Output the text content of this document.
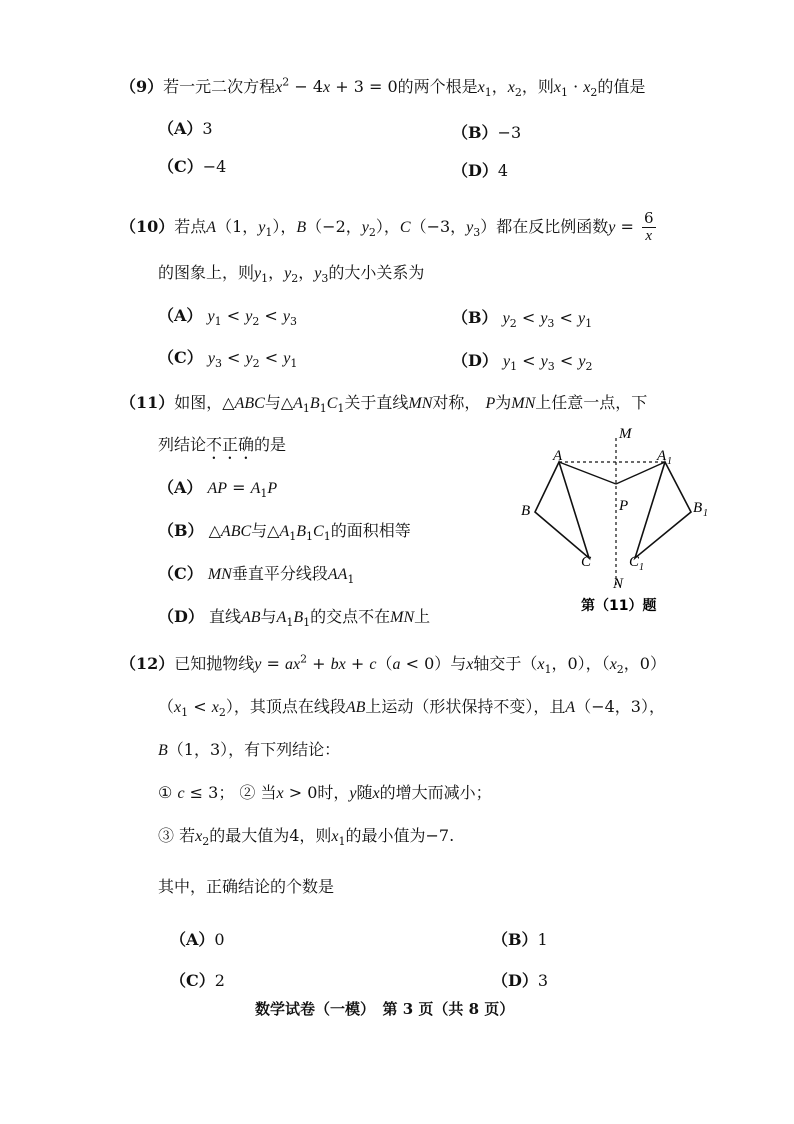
（9）若一元二次方程$x^2 - 4x + 3 = 0$的两个根是$x_1$，$x_2$，则$x_1 \cdot x_2$的值是
（A）3	（B）−3
（C）−4	（D）4
（10）若点A（1，$y_1$），B（−2，$y_2$），C（−3，$y_3$）都在反比例函数$y = \frac{6}{x}$
的图象上，则$y_1$，$y_2$，$y_3$的大小关系为
（A） $y_1 < y_2 < y_3$	（B） $y_2 < y_3 < y_1$
（C） $y_3 < y_2 < y_1$	（D） $y_1 < y_3 < y_2$
（11）如图，△ABC与$\triangle A_1B_1C_1$关于直线MN对称， P为MN上任意一点，下
列结论不正确的是
（A） AP = $A_1P$
（B） △ABC与$\triangle A_1B_1C_1$的面积相等
（C） MN垂直平分线段$AA_1$
（D） 直线AB与$A_1B_1$的交点不在MN上
M
A	A 1
B	B 1
P
C	C 1
N
第（11）题
（12）已知抛物线$y = ax^2$ + bx + c（a < 0）与x轴交于（$x_1$，0），（$x_2$，0）
$(x_1 < x_2)$，其顶点在线段AB上运动（形状保持不变），且A（−4，3），
B（1，3），有下列结论：
① c ≤ 3； ② 当x > 0时，y随x的增大而减小；
③ 若$x_2$的最大值为4，则$x_1$的最小值为−7.
其中，正确结论的个数是
（A）0	（B）1
（C）2	（D）3
数学试卷（一模）　第 3 页（共 8 页）
